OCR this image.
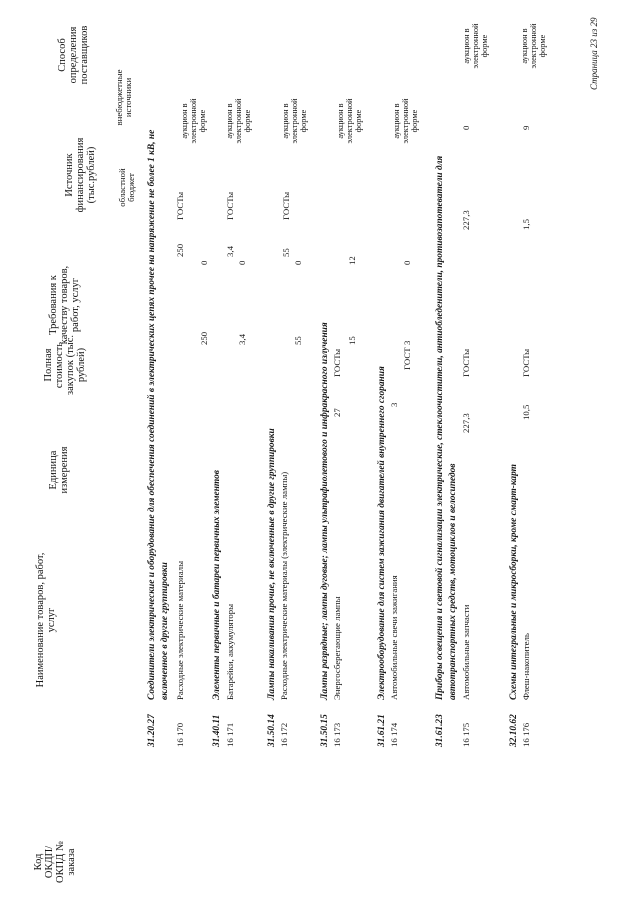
Код ОКДП/ ОКПД № заказа
Наименование товаров, работ, услуг
Единица измерения
Полная стоимость закупок (тыс. рублей)
Требования к качеству товаров, работ, услуг
Источник финансирования (тыс.рублей) областной бюджет
внебюджетные источники
Способ определения поставщиков
31.20.27
Соединители электрические и оборудование для обеспечения соединений в электрических цепях прочее на напряжение не более 1 кВ, не включенное в другие группировки
16 170
Расходные электрические материалы
250
ГОСТы
250
0
аукцион в электронной форме
31.40.11
Элементы первичные и батареи первичных элементов
16 171
Батарейки, аккумуляторы
3,4
ГОСТы
3,4
0
аукцион в электронной форме
31.50.14
Лампы накаливания прочие, не включенные в другие группировки
16 172
Расходные электрические материалы (электрические лампы)
55
ГОСТы
55
0
аукцион в электронной форме
31.50.15
Лампы разрядные; лампы дуговые; лампы ультрафиолетового и инфракрасного излучения
16 173
Энергосберегающие лампы
27
ГОСТы
15
12
аукцион в электронной форме
31.61.21
Электрооборудование для систем зажигания двигателей внутреннего сгорания
16 174
Автомобильные свечи зажигания
3
ГОСТ
3
0
аукцион в электронной форме
31.61.23
Приборы освещения и световой сигнализации электрические, стеклоочистители, антиобледенители, противозапотеватели для автотранспортных средств, мотоциклов и велосипедов
16 175
Автомобильные запчасти
227,3
ГОСТы
227,3
0
аукцион в электронной форме
32.10.62
Схемы интегральные и микросборки, кроме смарт-карт
16 176
Флеш-накопитель
10,5
ГОСТы
1,5
9
аукцион в электронной форме	Страница 23 из 29
